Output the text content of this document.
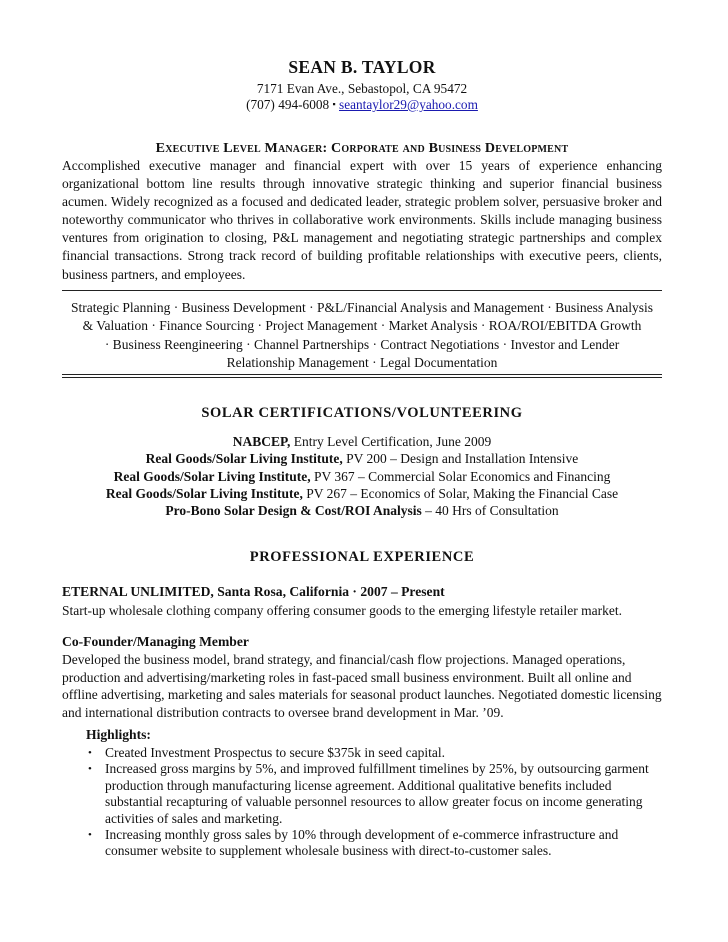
SEAN B. TAYLOR
7171 Evan Ave., Sebastopol, CA 95472
(707) 494-6008 ▪ seantaylor29@yahoo.com
Executive Level Manager: Corporate and Business Development
Accomplished executive manager and financial expert with over 15 years of experience enhancing organizational bottom line results through innovative strategic thinking and superior financial business acumen. Widely recognized as a focused and dedicated leader, strategic problem solver, persuasive broker and noteworthy communicator who thrives in collaborative work environments. Skills include managing business ventures from origination to closing, P&L management and negotiating strategic partnerships and complex financial transactions. Strong track record of building profitable relationships with executive peers, clients, business partners, and employees.
Strategic Planning · Business Development · P&L/Financial Analysis and Management · Business Analysis
& Valuation · Finance Sourcing · Project Management · Market Analysis · ROA/ROI/EBITDA Growth
· Business Reengineering · Channel Partnerships · Contract Negotiations · Investor and Lender
Relationship Management · Legal Documentation
SOLAR CERTIFICATIONS/VOLUNTEERING
NABCEP, Entry Level Certification, June 2009
Real Goods/Solar Living Institute, PV 200 – Design and Installation Intensive
Real Goods/Solar Living Institute, PV 367 – Commercial Solar Economics and Financing
Real Goods/Solar Living Institute, PV 267 – Economics of Solar, Making the Financial Case
Pro-Bono Solar Design & Cost/ROI Analysis – 40 Hrs of Consultation
PROFESSIONAL EXPERIENCE
ETERNAL UNLIMITED, Santa Rosa, California · 2007 – Present
Start-up wholesale clothing company offering consumer goods to the emerging lifestyle retailer market.
Co-Founder/Managing Member
Developed the business model, brand strategy, and financial/cash flow projections. Managed operations, production and advertising/marketing roles in fast-paced small business environment. Built all online and offline advertising, marketing and sales materials for seasonal product launches. Negotiated domestic licensing and international distribution contracts to oversee brand development in Mar. ’09.
Highlights:
• Created Investment Prospectus to secure $375k in seed capital.
• Increased gross margins by 5%, and improved fulfillment timelines by 25%, by outsourcing garment production through manufacturing license agreement. Additional qualitative benefits included substantial recapturing of valuable personnel resources to allow greater focus on income generating activities of sales and marketing.
• Increasing monthly gross sales by 10% through development of e-commerce infrastructure and consumer website to supplement wholesale business with direct-to-customer sales.
